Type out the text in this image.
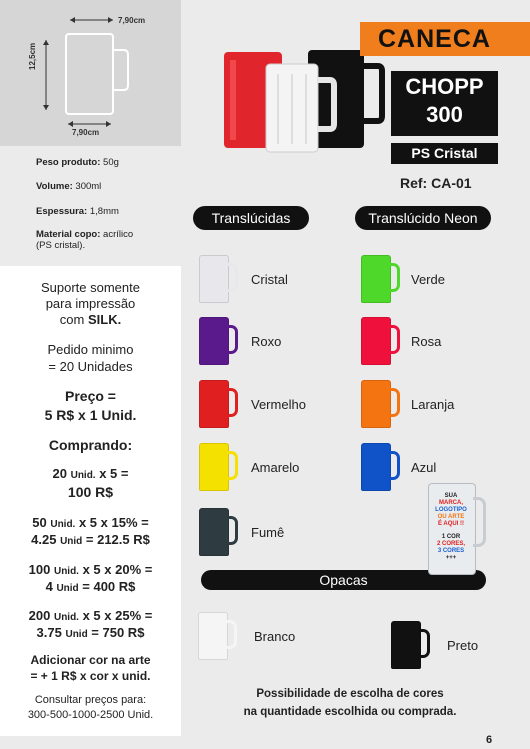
7,90cm
12,5cm
7,90cm
Peso produto: 50g
Volume: 300ml
Espessura: 1,8mm
Material copo: acrílico
(PS cristal).
Suporte somente
para impressão
com SILK.
Pedido minimo
= 20 Unidades
Preço =
5 R$ x 1 Unid.
Comprando:
20 Unid. x 5 =
100 R$
50 Unid. x 5 x 15% =
4.25 Unid = 212.5 R$
100 Unid. x 5 x 20% =
4 Unid = 400 R$
200 Unid. x 5 x 25% =
3.75 Unid = 750 R$
Adicionar cor na arte
= + 1 R$ x cor x unid.
Consultar preços para:
300-500-1000-2500 Unid.
CANECA
CHOPP
300
PS Cristal
Ref: CA-01
Translúcidas	Translúcido Neon
Opacas
Cristal
Roxo
Vermelho
Amarelo
Fumê
Verde
Rosa
Laranja
Azul
Branco
Preto
SUA
MARCA,
LOGOTIPO
OU ARTE
É AQUI !!
1 COR
2 CORES,
3 CORES
+++
Possibilidade de escolha de cores
na quantidade escolhida ou comprada.
6
